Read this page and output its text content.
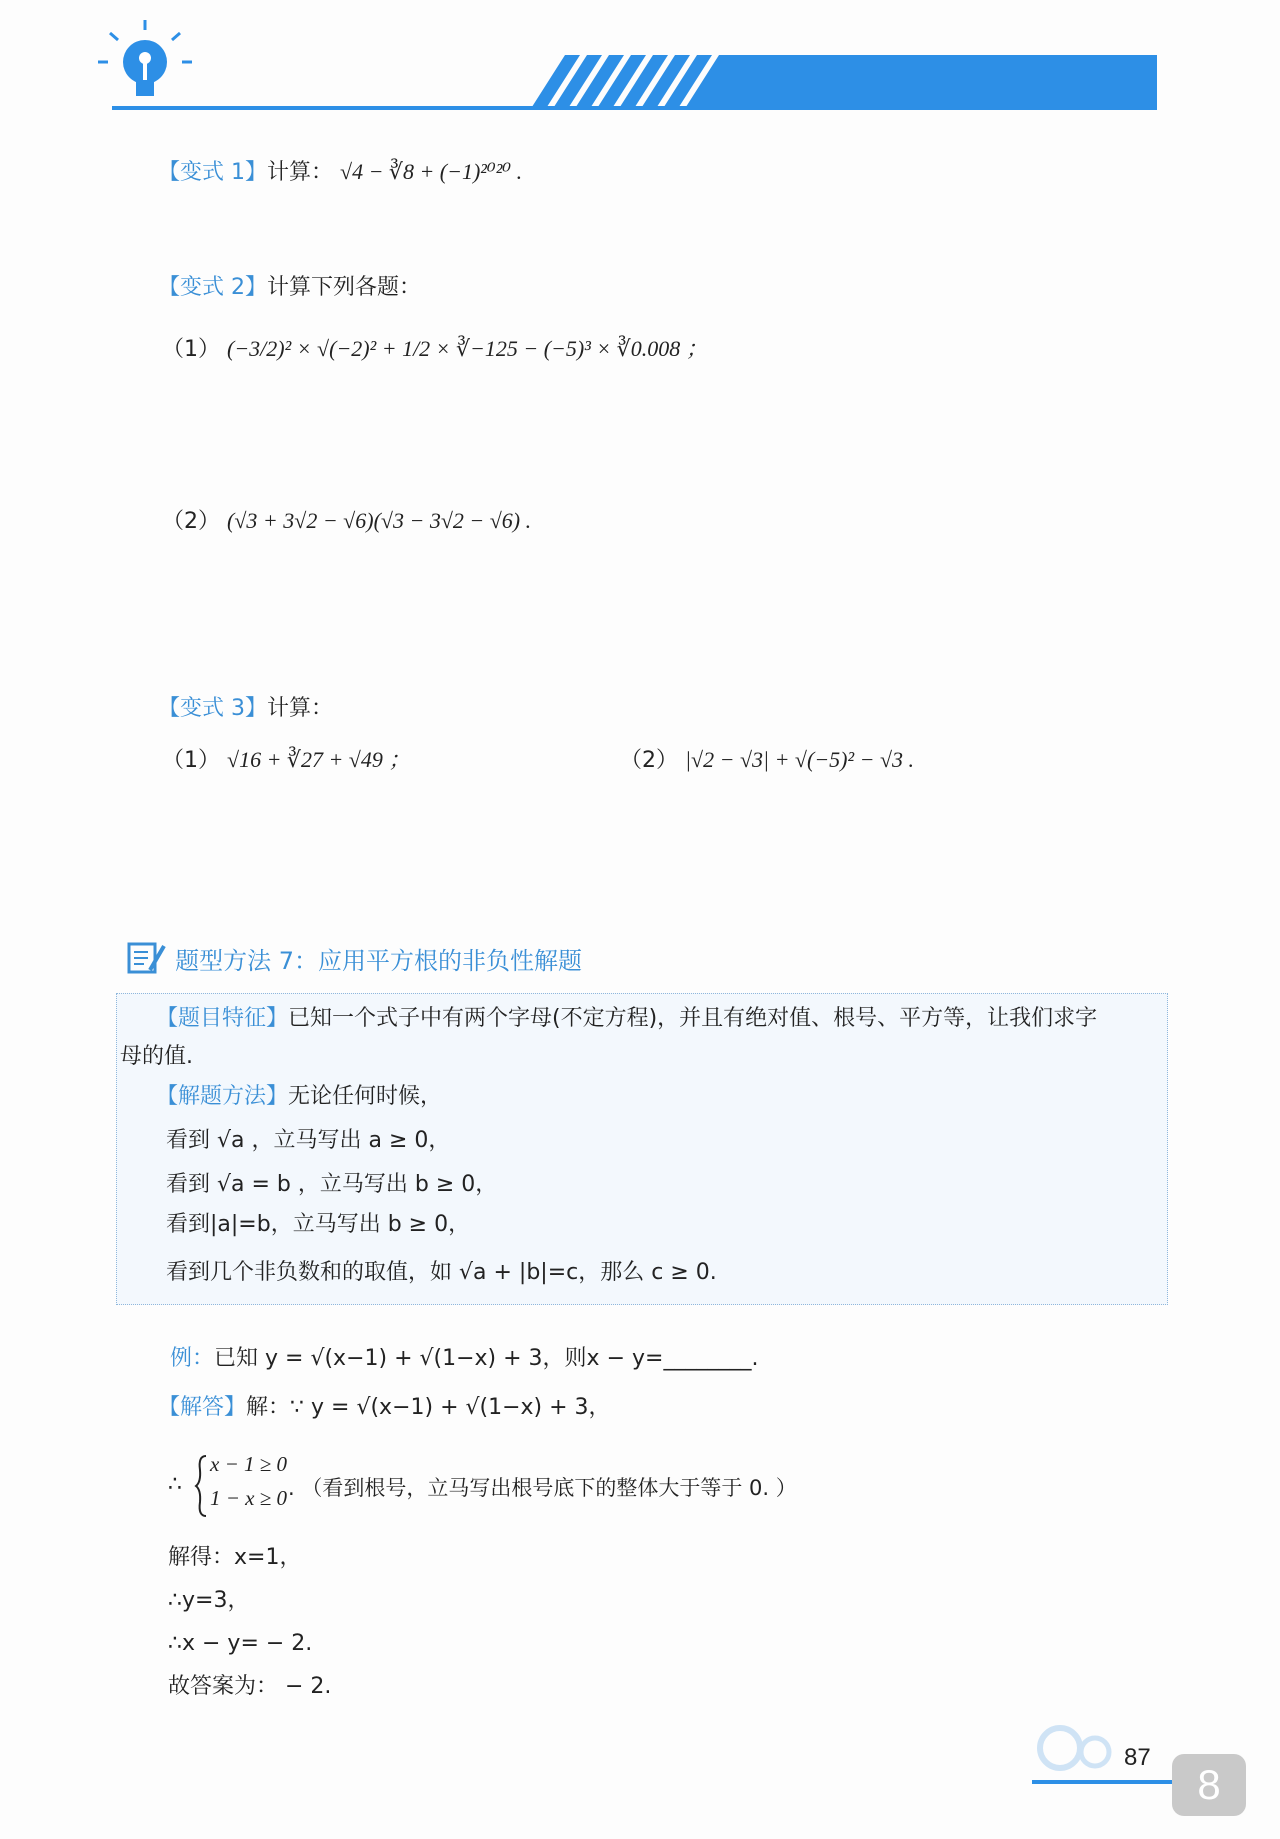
【变式 1】计算： √4 − ∛8 + (−1)²⁰²⁰ .
【变式 2】计算下列各题：
（1） (−3/2)² × √(−2)² + 1/2 × ∛−125 − (−5)³ × ∛0.008 ；
（2） (√3 + 3√2 − √6)(√3 − 3√2 − √6) .
【变式 3】计算：
（1） √16 + ∛27 + √49 ；	（2） |√2 − √3| + √(−5)² − √3 .
题型方法 7：应用平方根的非负性解题
【题目特征】已知一个式子中有两个字母(不定方程)，并且有绝对值、根号、平方等，让我们求字
母的值.
【解题方法】无论任何时候，
看到 √a ，立马写出 a ≥ 0，
看到 √a = b ，立马写出 b ≥ 0，
看到|a|=b，立马写出 b ≥ 0，
看到几个非负数和的取值，如 √a + |b|=c，那么 c ≥ 0.
例：已知 y = √(x−1) + √(1−x) + 3，则x − y=________.
【解答】解：∵ y = √(x−1) + √(1−x) + 3，
∴
x − 1 ≥ 0
1 − x ≥ 0 . （看到根号，立马写出根号底下的整体大于等于 0. ）
解得：x=1，
∴y=3，
∴x − y= − 2.
故答案为： − 2.
87
8
